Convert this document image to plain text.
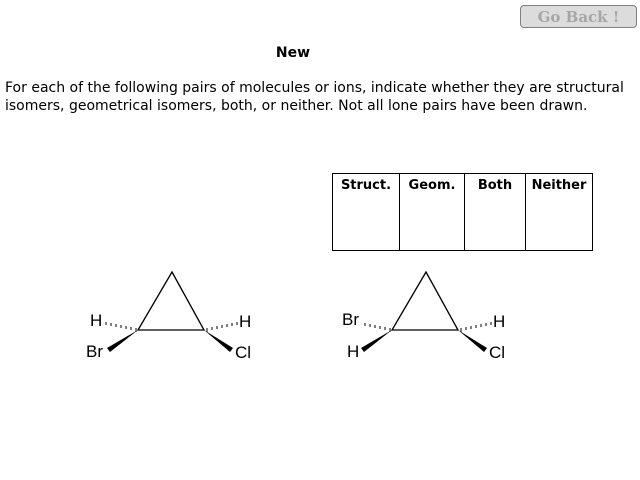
Go Back !
New

For each of the following pairs of molecules or ions, indicate whether they are structural isomers, geometrical isomers, both, or neither. Not all lone pairs have been drawn.

Struct.	Geom.	Both	Neither
H
Br
H
Cl
Br
H
H
Cl
